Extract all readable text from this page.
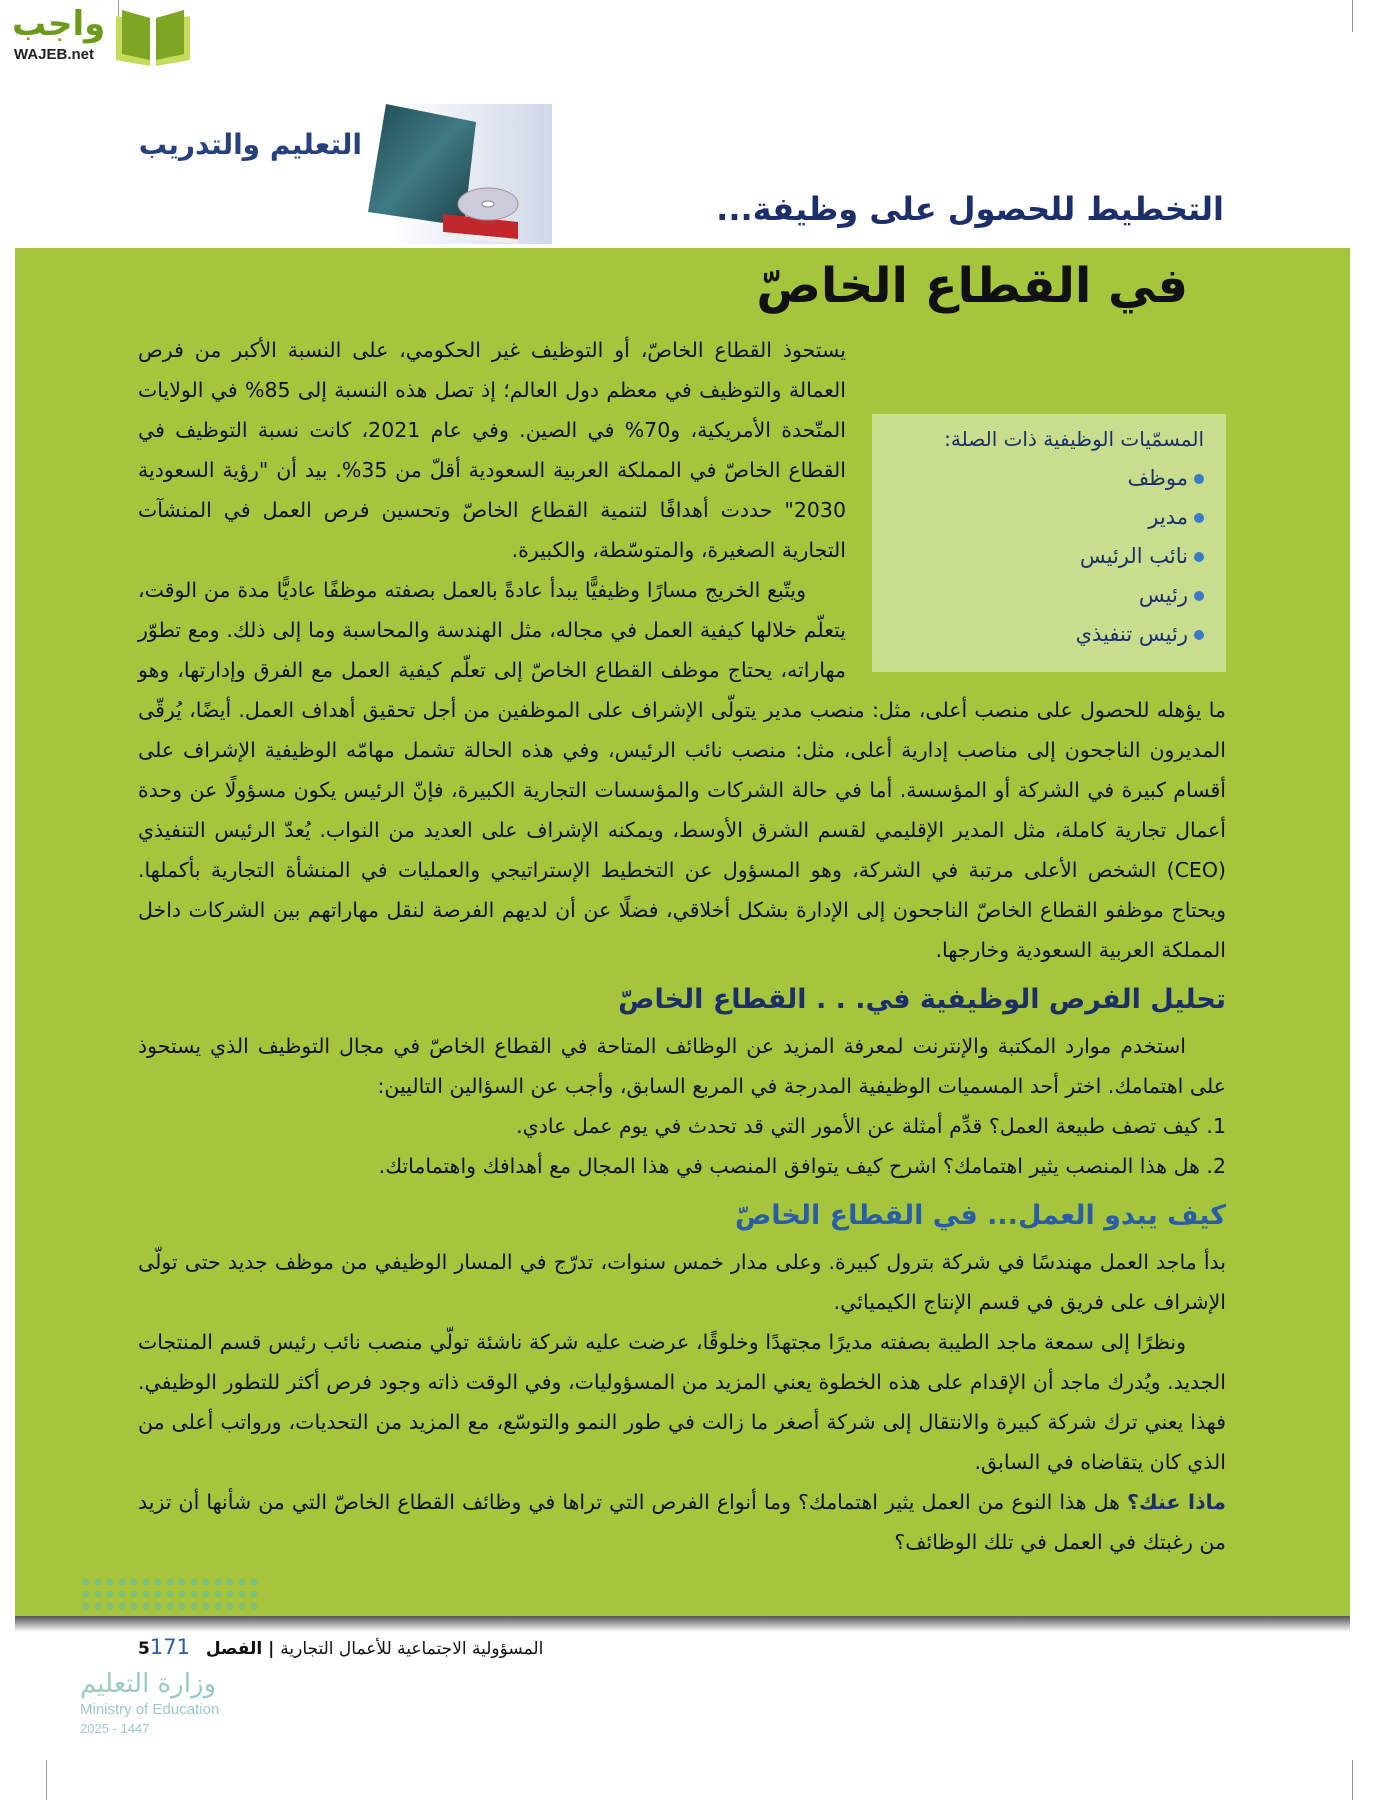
واجب
WAJEB.net
التعليم والتدريب
التخطيط للحصول على وظيفة...
في القطاع الخاصّ
المسمّيات الوظيفية ذات الصلة:
موظف
مدير
نائب الرئيس
رئيس
رئيس تنفيذي

يستحوذ القطاع الخاصّ، أو التوظيف غير الحكومي، على النسبة الأكبر من فرص العمالة والتوظيف في معظم دول العالم؛ إذ تصل هذه النسبة إلى 85% في الولايات المتّحدة الأمريكية، و70% في الصين. وفي عام 2021، كانت نسبة التوظيف في القطاع الخاصّ في المملكة العربية السعودية أقلّ من 35%. بيد أن "رؤية السعودية 2030" حددت أهدافًا لتنمية القطاع الخاصّ وتحسين فرص العمل في المنشآت التجارية الصغيرة، والمتوسّطة، والكبيرة.

ويتّبع الخريج مسارًا وظيفيًّا يبدأ عادةً بالعمل بصفته موظفًا عاديًّا مدة من الوقت، يتعلّم خلالها كيفية العمل في مجاله، مثل الهندسة والمحاسبة وما إلى ذلك. ومع تطوّر مهاراته، يحتاج موظف القطاع الخاصّ إلى تعلّم كيفية العمل مع الفرق وإدارتها، وهو ما يؤهله للحصول على منصب أعلى، مثل: منصب مدير يتولّى الإشراف على الموظفين من أجل تحقيق أهداف العمل. أيضًا، يُرقّى المديرون الناجحون إلى مناصب إدارية أعلى، مثل: منصب نائب الرئيس، وفي هذه الحالة تشمل مهامّه الوظيفية الإشراف على أقسام كبيرة في الشركة أو المؤسسة. أما في حالة الشركات والمؤسسات التجارية الكبيرة، فإنّ الرئيس يكون مسؤولًا عن وحدة أعمال تجارية كاملة، مثل المدير الإقليمي لقسم الشرق الأوسط، ويمكنه الإشراف على العديد من النواب. يُعدّ الرئيس التنفيذي (CEO) الشخص الأعلى مرتبة في الشركة، وهو المسؤول عن التخطيط الإستراتيجي والعمليات في المنشأة التجارية بأكملها. ويحتاج موظفو القطاع الخاصّ الناجحون إلى الإدارة بشكل أخلاقي، فضلًا عن أن لديهم الفرصة لنقل مهاراتهم بين الشركات داخل المملكة العربية السعودية وخارجها.

تحليل الفرص الوظيفية في. . . القطاع الخاصّ

استخدم موارد المكتبة والإنترنت لمعرفة المزيد عن الوظائف المتاحة في القطاع الخاصّ في مجال التوظيف الذي يستحوذ على اهتمامك. اختر أحد المسميات الوظيفية المدرجة في المربع السابق، وأجب عن السؤالين التاليين:

1. كيف تصف طبيعة العمل؟ قدِّم أمثلة عن الأمور التي قد تحدث في يوم عمل عادي.

2. هل هذا المنصب يثير اهتمامك؟ اشرح كيف يتوافق المنصب في هذا المجال مع أهدافك واهتماماتك.

كيف يبدو العمل... في القطاع الخاصّ

بدأ ماجد العمل مهندسًا في شركة بترول كبيرة. وعلى مدار خمس سنوات، تدرّج في المسار الوظيفي من موظف جديد حتى تولّى الإشراف على فريق في قسم الإنتاج الكيميائي.

ونظرًا إلى سمعة ماجد الطيبة بصفته مديرًا مجتهدًا وخلوقًا، عرضت عليه شركة ناشئة تولّي منصب نائب رئيس قسم المنتجات الجديد. ويُدرك ماجد أن الإقدام على هذه الخطوة يعني المزيد من المسؤوليات، وفي الوقت ذاته وجود فرص أكثر للتطور الوظيفي. فهذا يعني ترك شركة كبيرة والانتقال إلى شركة أصغر ما زالت في طور النمو والتوسّع، مع المزيد من التحديات، ورواتب أعلى من الذي كان يتقاضاه في السابق.

ماذا عنك؟ هل هذا النوع من العمل يثير اهتمامك؟ وما أنواع الفرص التي تراها في وظائف القطاع الخاصّ التي من شأنها أن تزيد من رغبتك في العمل في تلك الوظائف؟

وزارة التعليم
Ministry of Education
2025 - 1447
المسؤولية الاجتماعية للأعمال التجارية | الفصل 5171
